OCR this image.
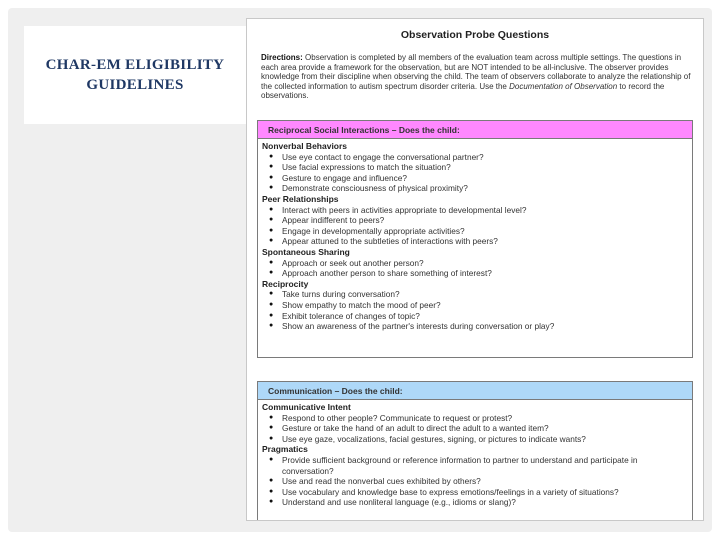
CHAR-EM ELIGIBILITY
GUIDELINES
Observation Probe Questions
Directions: Observation is completed by all members of the evaluation team across multiple settings. The questions in each area provide a framework for the observation, but are NOT intended to be all-inclusive. The observer provides knowledge from their discipline when observing the child. The team of observers collaborate to analyze the relationship of the collected information to autism spectrum disorder criteria. Use the Documentation of Observation to record the observations.
Reciprocal Social Interactions – Does the child:
Nonverbal Behaviors
● Use eye contact to engage the conversational partner?
● Use facial expressions to match the situation?
● Gesture to engage and influence?
● Demonstrate consciousness of physical proximity?
Peer Relationships
● Interact with peers in activities appropriate to developmental level?
● Appear indifferent to peers?
● Engage in developmentally appropriate activities?
● Appear attuned to the subtleties of interactions with peers?
Spontaneous Sharing
● Approach or seek out another person?
● Approach another person to share something of interest?
Reciprocity
● Take turns during conversation?
● Show empathy to match the mood of peer?
● Exhibit tolerance of changes of topic?
● Show an awareness of the partner's interests during conversation or play?
Communication – Does the child:
Communicative Intent
● Respond to other people? Communicate to request or protest?
● Gesture or take the hand of an adult to direct the adult to a wanted item?
● Use eye gaze, vocalizations, facial gestures, signing, or pictures to indicate wants?
Pragmatics
● Provide sufficient background or reference information to partner to understand and participate in conversation?
● Use and read the nonverbal cues exhibited by others?
● Use vocabulary and knowledge base to express emotions/feelings in a variety of situations?
● Understand and use nonliteral language (e.g., idioms or slang)?
